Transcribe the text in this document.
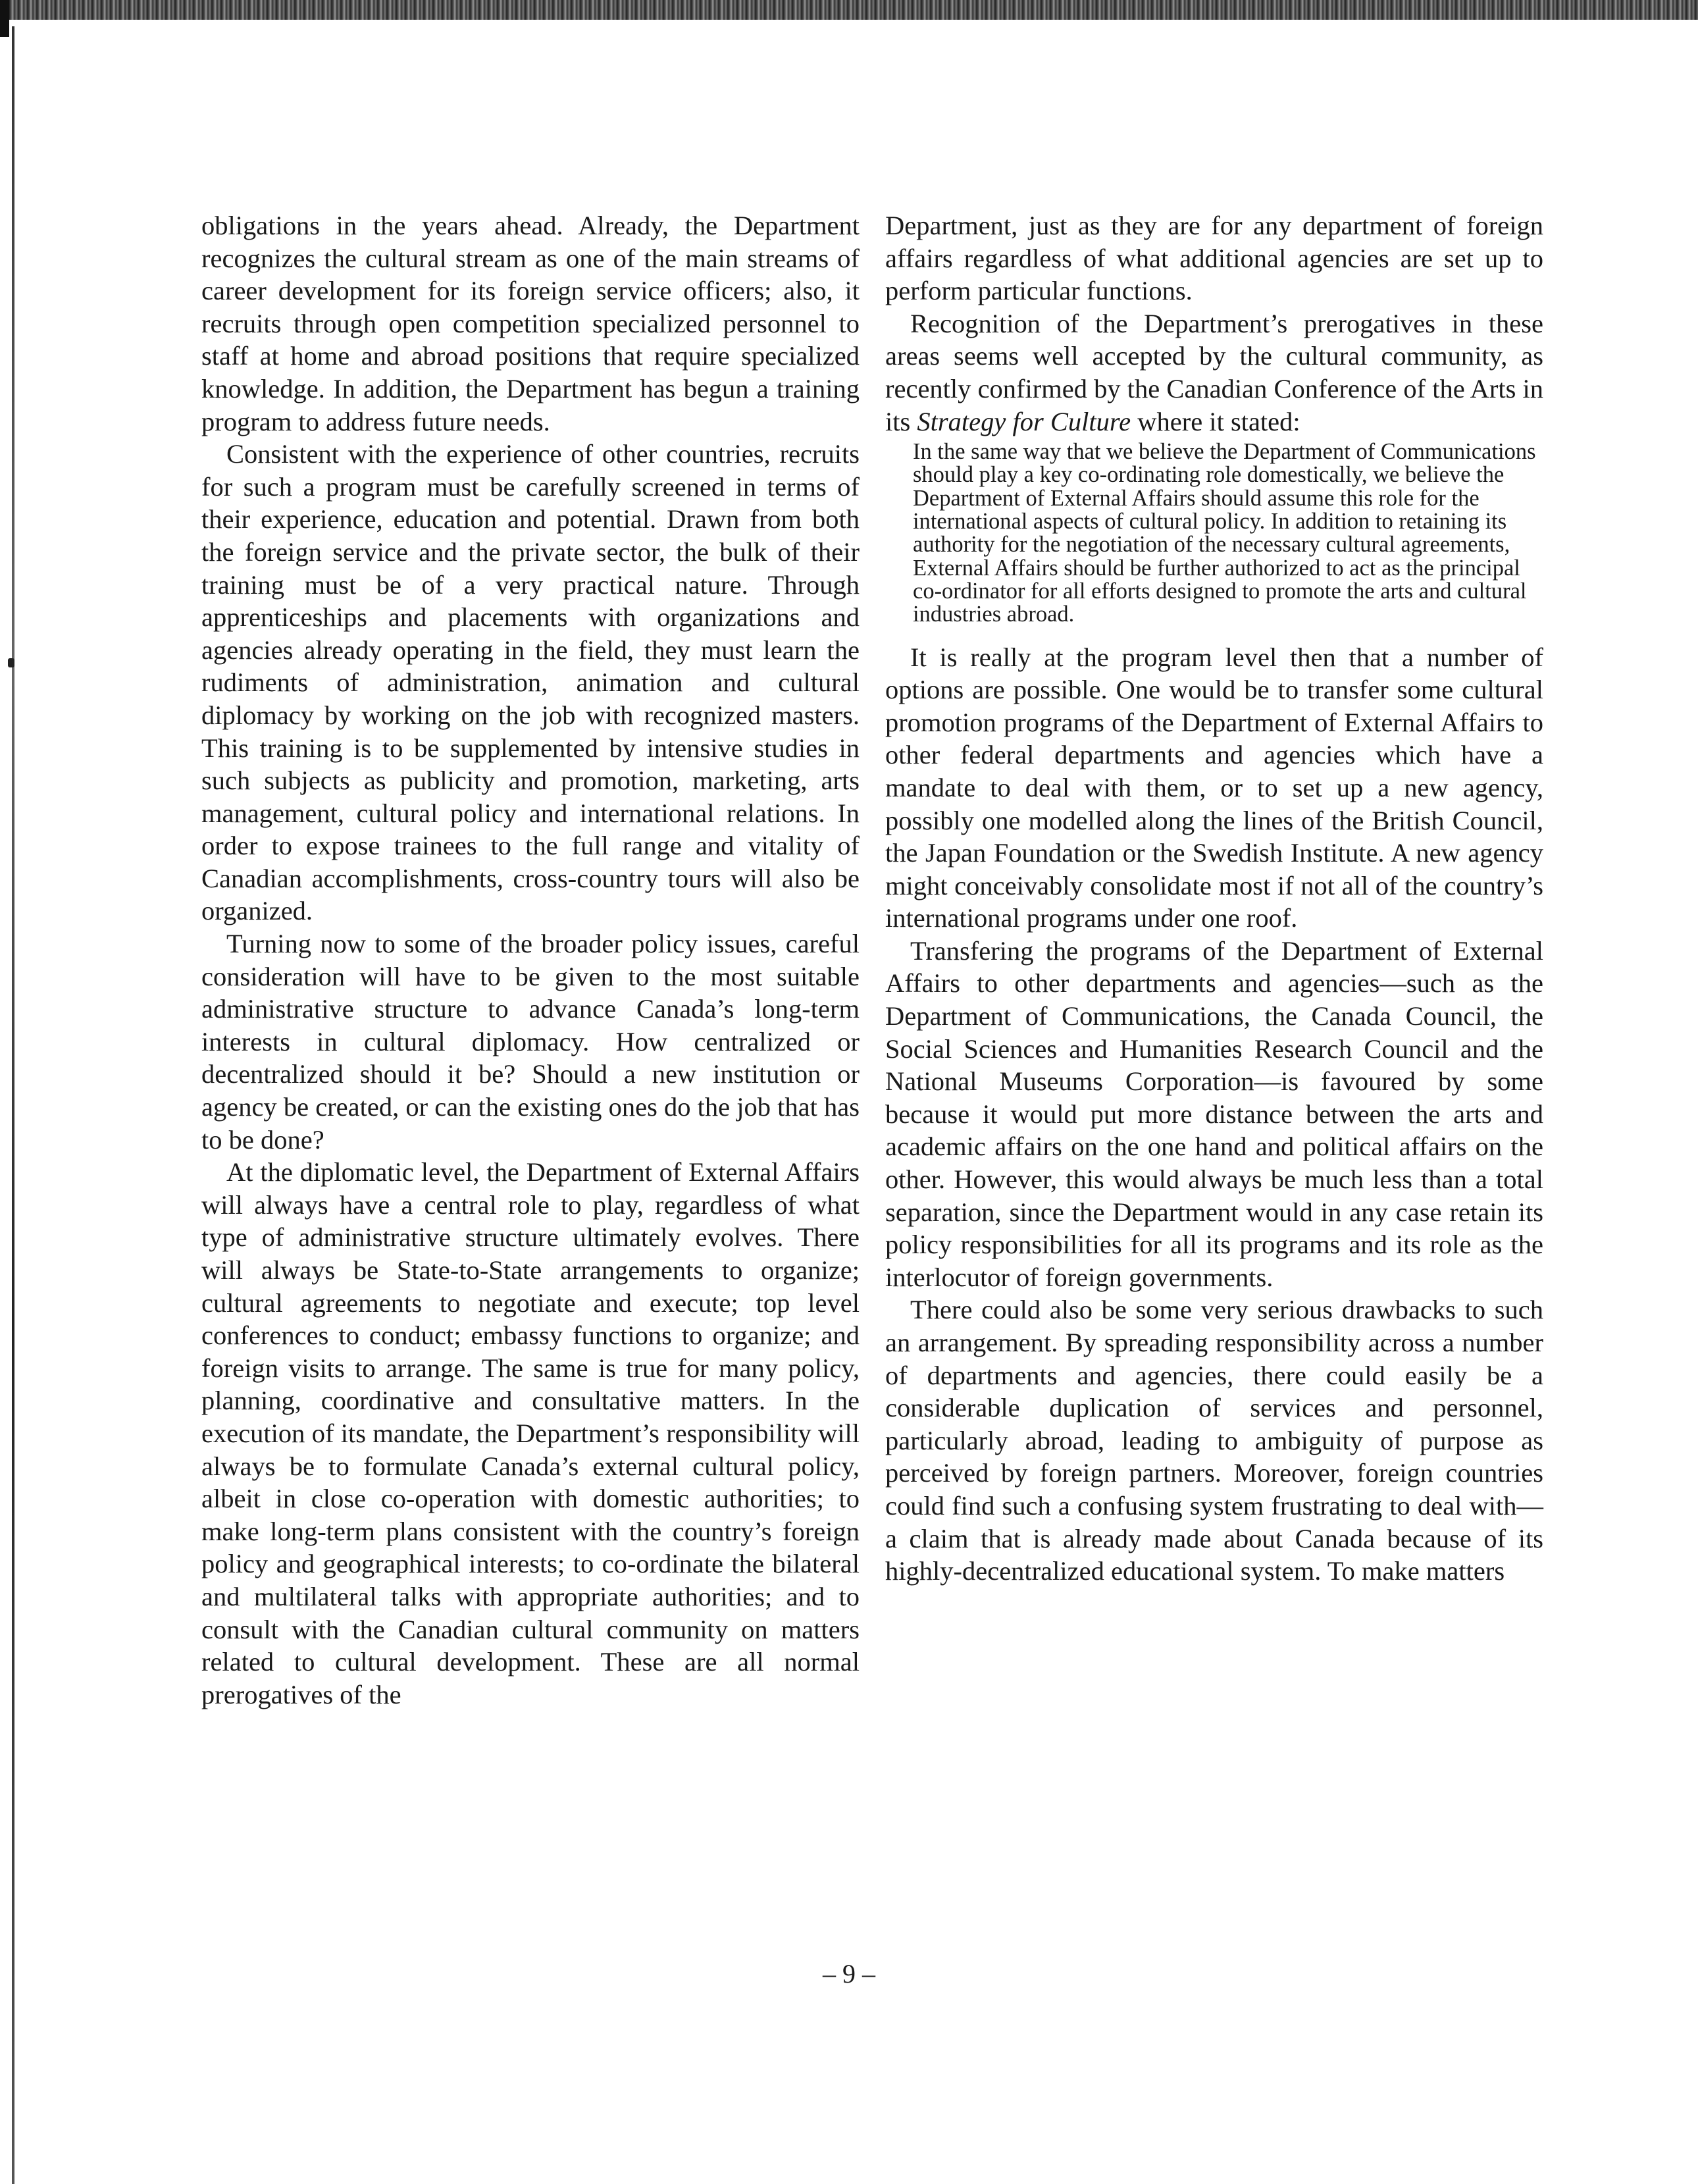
obligations in the years ahead. Already, the Department recognizes the cultural stream as one of the main streams of career development for its foreign service officers; also, it recruits through open competition specialized personnel to staff at home and abroad positions that require specialized knowledge. In addition, the Department has begun a training program to address future needs.

Consistent with the experience of other countries, recruits for such a program must be carefully screened in terms of their experience, education and potential. Drawn from both the foreign service and the private sector, the bulk of their training must be of a very practical nature. Through apprenticeships and placements with organizations and agencies already operating in the field, they must learn the rudiments of administration, animation and cultural diplomacy by working on the job with recognized masters. This training is to be supplemented by intensive studies in such subjects as publicity and promotion, marketing, arts management, cultural policy and international relations. In order to expose trainees to the full range and vitality of Canadian accomplishments, cross-country tours will also be organized.

Turning now to some of the broader policy issues, careful consideration will have to be given to the most suitable administrative structure to advance Canada’s long-term interests in cultural diplomacy. How centralized or decentralized should it be? Should a new institution or agency be created, or can the existing ones do the job that has to be done?

At the diplomatic level, the Department of External Affairs will always have a central role to play, regardless of what type of administrative structure ultimately evolves. There will always be State-to-State arrangements to organize; cultural agreements to negotiate and execute; top level conferences to conduct; embassy functions to organize; and foreign visits to arrange. The same is true for many policy, planning, coordinative and consultative matters. In the execution of its mandate, the Department’s responsibility will always be to formulate Canada’s external cultural policy, albeit in close co-operation with domestic authorities; to make long-term plans consistent with the country’s foreign policy and geographical interests; to co-ordinate the bilateral and multilateral talks with appropriate authorities; and to consult with the Canadian cultural community on matters related to cultural development. These are all normal prerogatives of the

Department, just as they are for any department of foreign affairs regardless of what additional agencies are set up to perform particular functions.

Recognition of the Department’s prerogatives in these areas seems well accepted by the cultural community, as recently confirmed by the Canadian Conference of the Arts in its Strategy for Culture where it stated:

In the same way that we believe the Department of Communications should play a key co-ordinating role domestically, we believe the Department of External Affairs should assume this role for the international aspects of cultural policy. In addition to retaining its authority for the negotiation of the necessary cultural agreements, External Affairs should be further authorized to act as the principal co-ordinator for all efforts designed to promote the arts and cultural industries abroad.

It is really at the program level then that a number of options are possible. One would be to transfer some cultural promotion programs of the Department of External Affairs to other federal departments and agencies which have a mandate to deal with them, or to set up a new agency, possibly one modelled along the lines of the British Council, the Japan Foundation or the Swedish Institute. A new agency might conceivably consolidate most if not all of the country’s international programs under one roof.

Transfering the programs of the Department of External Affairs to other departments and agencies—such as the Department of Communications, the Canada Council, the Social Sciences and Humanities Research Council and the National Museums Corporation—is favoured by some because it would put more distance between the arts and academic affairs on the one hand and political affairs on the other. However, this would always be much less than a total separation, since the Department would in any case retain its policy responsibilities for all its programs and its role as the interlocutor of foreign governments.

There could also be some very serious drawbacks to such an arrangement. By spreading responsibility across a number of departments and agencies, there could easily be a considerable duplication of services and personnel, particularly abroad, leading to ambiguity of purpose as perceived by foreign partners. Moreover, foreign countries could find such a confusing system frustrating to deal with—a claim that is already made about Canada because of its highly-decentralized educational system. To make matters

– 9 –
